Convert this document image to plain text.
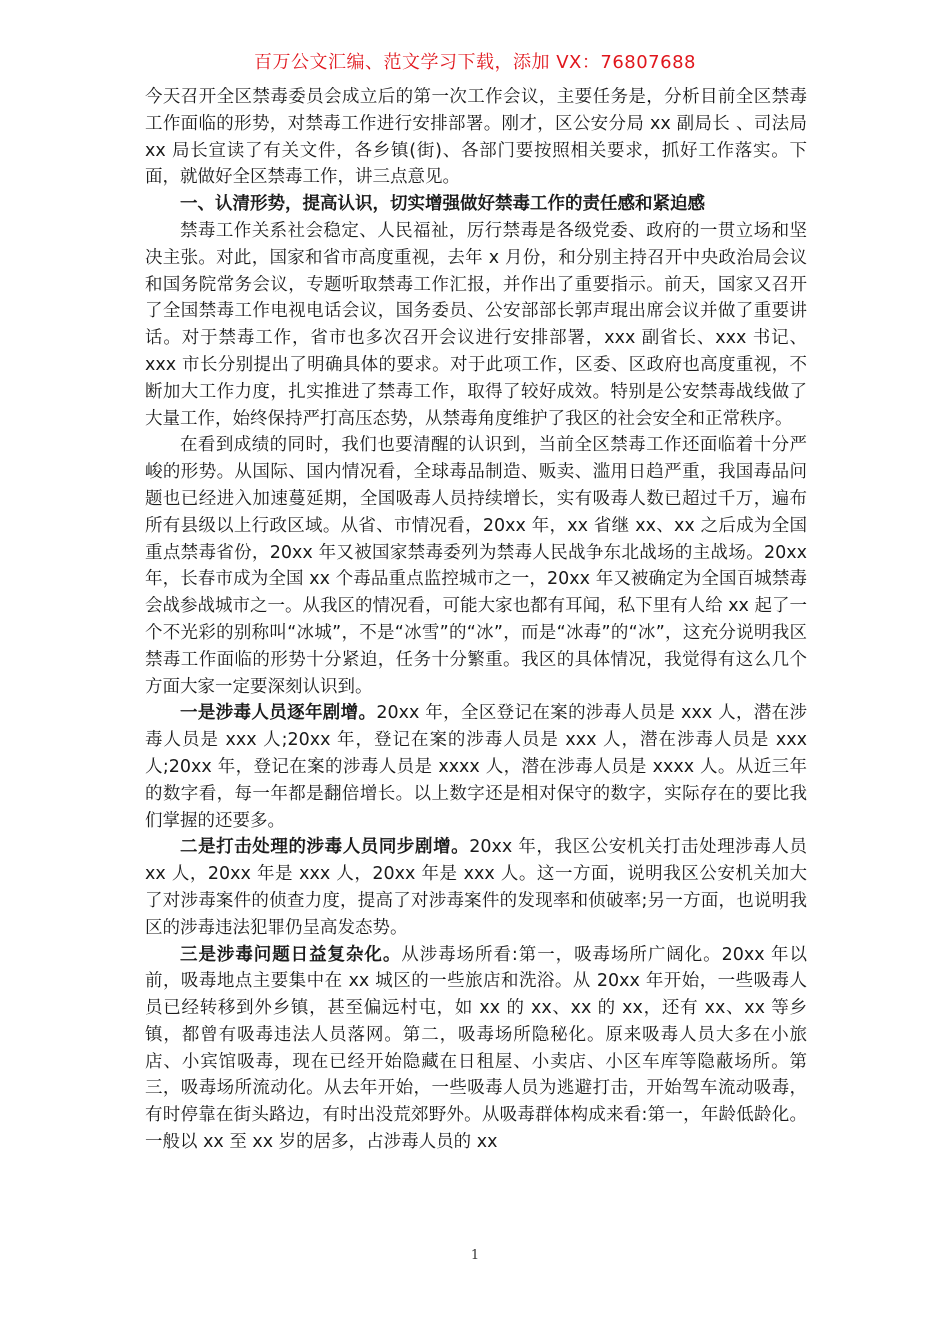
百万公文汇编、范文学习下载，添加 VX：76807688

今天召开全区禁毒委员会成立后的第一次工作会议，主要任务是，分析目前全区禁毒工作面临的形势，对禁毒工作进行安排部署。刚才，区公安分局 xx 副局长 、司法局 xx 局长宣读了有关文件，各乡镇(街)、各部门要按照相关要求，抓好工作落实。下面，就做好全区禁毒工作，讲三点意见。

一、认清形势，提高认识，切实增强做好禁毒工作的责任感和紧迫感

禁毒工作关系社会稳定、人民福祉，厉行禁毒是各级党委、政府的一贯立场和坚决主张。对此，国家和省市高度重视，去年 x 月份，和分别主持召开中央政治局会议和国务院常务会议，专题听取禁毒工作汇报，并作出了重要指示。前天，国家又召开了全国禁毒工作电视电话会议，国务委员、公安部部长郭声琨出席会议并做了重要讲话。对于禁毒工作，省市也多次召开会议进行安排部署，xxx 副省长、xxx 书记、xxx 市长分别提出了明确具体的要求。对于此项工作，区委、区政府也高度重视，不断加大工作力度，扎实推进了禁毒工作，取得了较好成效。特别是公安禁毒战线做了大量工作，始终保持严打高压态势，从禁毒角度维护了我区的社会安全和正常秩序。

在看到成绩的同时，我们也要清醒的认识到，当前全区禁毒工作还面临着十分严峻的形势。从国际、国内情况看，全球毒品制造、贩卖、滥用日趋严重，我国毒品问题也已经进入加速蔓延期，全国吸毒人员持续增长，实有吸毒人数已超过千万，遍布所有县级以上行政区域。从省、市情况看，20xx 年，xx 省继 xx、xx 之后成为全国重点禁毒省份，20xx 年又被国家禁毒委列为禁毒人民战争东北战场的主战场。20xx 年，长春市成为全国 xx 个毒品重点监控城市之一，20xx 年又被确定为全国百城禁毒会战参战城市之一。从我区的情况看，可能大家也都有耳闻，私下里有人给 xx 起了一个不光彩的别称叫“冰城”，不是“冰雪”的“冰”，而是“冰毒”的“冰”，这充分说明我区禁毒工作面临的形势十分紧迫，任务十分繁重。我区的具体情况，我觉得有这么几个方面大家一定要深刻认识到。

一是涉毒人员逐年剧增。20xx 年，全区登记在案的涉毒人员是 xxx 人，潜在涉毒人员是 xxx 人;20xx 年，登记在案的涉毒人员是 xxx 人，潜在涉毒人员是 xxx 人;20xx 年，登记在案的涉毒人员是 xxxx 人，潜在涉毒人员是 xxxx 人。从近三年的数字看，每一年都是翻倍增长。以上数字还是相对保守的数字，实际存在的要比我们掌握的还要多。

二是打击处理的涉毒人员同步剧增。20xx 年，我区公安机关打击处理涉毒人员 xx 人，20xx 年是 xxx 人，20xx 年是 xxx 人。这一方面，说明我区公安机关加大了对涉毒案件的侦查力度，提高了对涉毒案件的发现率和侦破率;另一方面，也说明我区的涉毒违法犯罪仍呈高发态势。

三是涉毒问题日益复杂化。从涉毒场所看:第一，吸毒场所广阔化。20xx 年以前，吸毒地点主要集中在 xx 城区的一些旅店和洗浴。从 20xx 年开始，一些吸毒人员已经转移到外乡镇，甚至偏远村屯，如 xx 的 xx、xx 的 xx，还有 xx、xx 等乡镇，都曾有吸毒违法人员落网。第二，吸毒场所隐秘化。原来吸毒人员大多在小旅店、小宾馆吸毒，现在已经开始隐藏在日租屋、小卖店、小区车库等隐蔽场所。第三，吸毒场所流动化。从去年开始，一些吸毒人员为逃避打击，开始驾车流动吸毒，有时停靠在街头路边，有时出没荒郊野外。从吸毒群体构成来看:第一，年龄低龄化。一般以 xx 至 xx 岁的居多，占涉毒人员的 xx

1
